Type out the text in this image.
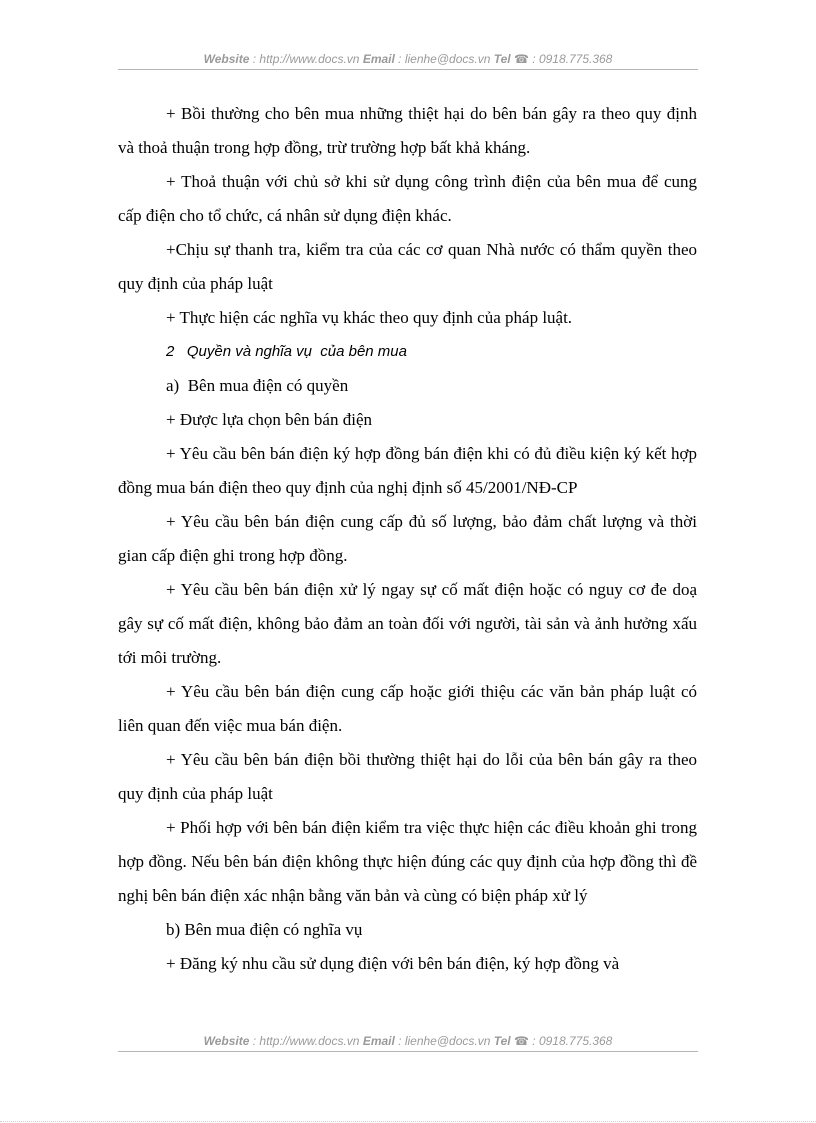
Website : http://www.docs.vn Email : lienhe@docs.vn Tel ☎ : 0918.775.368

+ Bồi thường cho bên mua những thiệt hại do bên bán gây ra theo quy định và thoả thuận trong hợp đồng, trừ trường hợp bất khả kháng.

+ Thoả thuận với chủ sở khi sử dụng công trình điện của bên mua để cung cấp điện cho tổ chức, cá nhân sử dụng điện khác.

+Chịu sự thanh tra, kiểm tra của các cơ quan Nhà nước có thẩm quyền theo quy định của pháp luật

+ Thực hiện các nghĩa vụ khác theo quy định của pháp luật.

2   Quyền và nghĩa vụ  của bên mua

a)  Bên mua điện có quyền

+ Được lựa chọn bên bán điện

+ Yêu cầu bên bán điện ký hợp đồng bán điện khi có đủ điều kiện ký kết hợp đồng mua bán điện theo quy định của nghị định số 45/2001/NĐ-CP

+ Yêu cầu bên bán điện cung cấp đủ số lượng, bảo đảm chất lượng và thời gian cấp điện ghi trong hợp đồng.

+ Yêu cầu bên bán điện xử lý ngay sự cố mất điện hoặc có nguy cơ đe doạ gây sự cố mất điện, không bảo đảm an toàn đối với người, tài sản và ảnh hưởng xấu tới môi trường.

+ Yêu cầu bên bán điện cung cấp hoặc giới thiệu các văn bản pháp luật có liên quan đến việc mua bán điện.

+ Yêu cầu bên bán điện bồi thường thiệt hại do lỗi của bên bán gây ra theo quy định của pháp luật

+ Phối hợp với bên bán điện kiểm tra việc thực hiện các điều khoản ghi trong hợp đồng. Nếu bên bán điện không thực hiện đúng các quy định của hợp đồng thì đề nghị bên bán điện xác nhận bằng văn bản và cùng có biện pháp xử lý

b) Bên mua điện có nghĩa vụ

+ Đăng ký nhu cầu sử dụng điện với bên bán điện, ký hợp đồng và

Website : http://www.docs.vn Email : lienhe@docs.vn Tel ☎ : 0918.775.368
